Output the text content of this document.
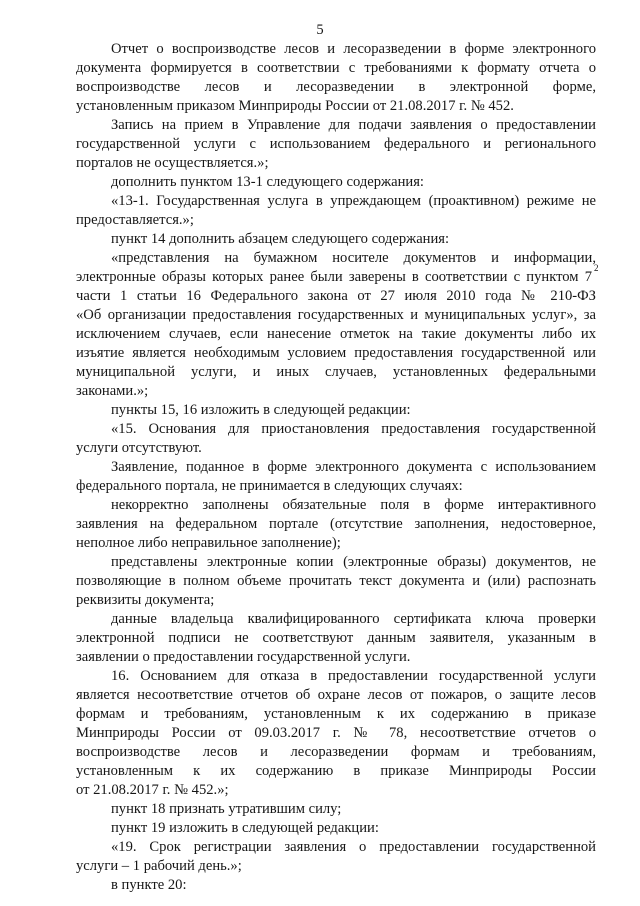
5
Отчет о воспроизводстве лесов и лесоразведении в форме электронного
документа формируется в соответствии с требованиями к формату отчета о
воспроизводстве лесов и лесоразведении в электронной форме,
установленным приказом Минприроды России от 21.08.2017 г. № 452.
Запись на прием в Управление для подачи заявления о предоставлении
государственной услуги с использованием федерального и регионального
порталов не осуществляется.»;
дополнить пунктом 13-1 следующего содержания:
«13-1. Государственная услуга в упреждающем (проактивном) режиме не
предоставляется.»;
пункт 14 дополнить абзацем следующего содержания:
«представления на бумажном носителе документов и информации,
электронные образы которых ранее были заверены в соответствии с пунктом 7
2
части 1 статьи 16 Федерального закона от 27 июля 2010 года № 210-ФЗ
«Об организации предоставления государственных и муниципальных услуг», за
исключением случаев, если нанесение отметок на такие документы либо их
изъятие является необходимым условием предоставления государственной или
муниципальной услуги, и иных случаев, установленных федеральными
законами.»;
пункты 15, 16 изложить в следующей редакции:
«15. Основания для приостановления предоставления государственной
услуги отсутствуют.
Заявление, поданное в форме электронного документа с использованием
федерального портала, не принимается в следующих случаях:
некорректно заполнены обязательные поля в форме интерактивного
заявления на федеральном портале (отсутствие заполнения, недостоверное,
неполное либо неправильное заполнение);
представлены электронные копии (электронные образы) документов, не
позволяющие в полном объеме прочитать текст документа и (или) распознать
реквизиты документа;
данные владельца квалифицированного сертификата ключа проверки
электронной подписи не соответствуют данным заявителя, указанным в
заявлении о предоставлении государственной услуги.
16. Основанием для отказа в предоставлении государственной услуги
является несоответствие отчетов об охране лесов от пожаров, о защите лесов
формам и требованиям, установленным к их содержанию в приказе
Минприроды России от 09.03.2017 г. № 78, несоответствие отчетов о
воспроизводстве лесов и лесоразведении формам и требованиям,
установленным к их содержанию в приказе Минприроды России
от 21.08.2017 г. № 452.»;
пункт 18 признать утратившим силу;
пункт 19 изложить в следующей редакции:
«19. Срок регистрации заявления о предоставлении государственной
услуги – 1 рабочий день.»;
в пункте 20:
